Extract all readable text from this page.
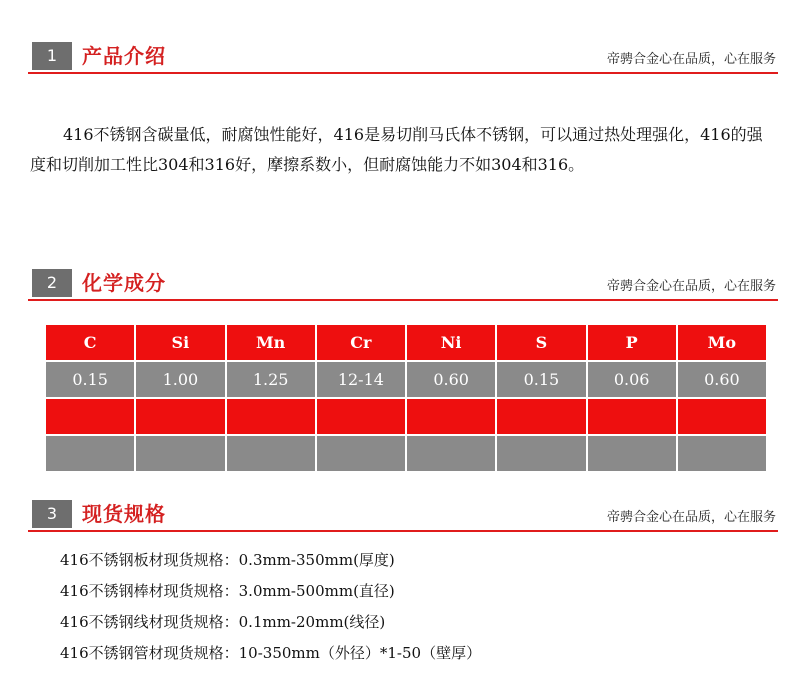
1	产品介绍	帝骋合金心在品质，心在服务

416不锈钢含碳量低，耐腐蚀性能好，416是易切削马氏体不锈钢，可以通过热处理强化，416的强度和切削加工性比304和316好，摩擦系数小，但耐腐蚀能力不如304和316。

2	化学成分	帝骋合金心在品质，心在服务
C	Si	Mn	Cr	Ni	S	P	Mo
0.15	1.00	1.25	12-14	0.60	0.15	0.06	0.60
3	现货规格	帝骋合金心在品质，心在服务
416不锈钢板材现货规格：0.3mm-350mm(厚度)
416不锈钢棒材现货规格：3.0mm-500mm(直径)
416不锈钢线材现货规格：0.1mm-20mm(线径)
416不锈钢管材现货规格：10-350mm（外径）*1-50（壁厚）
